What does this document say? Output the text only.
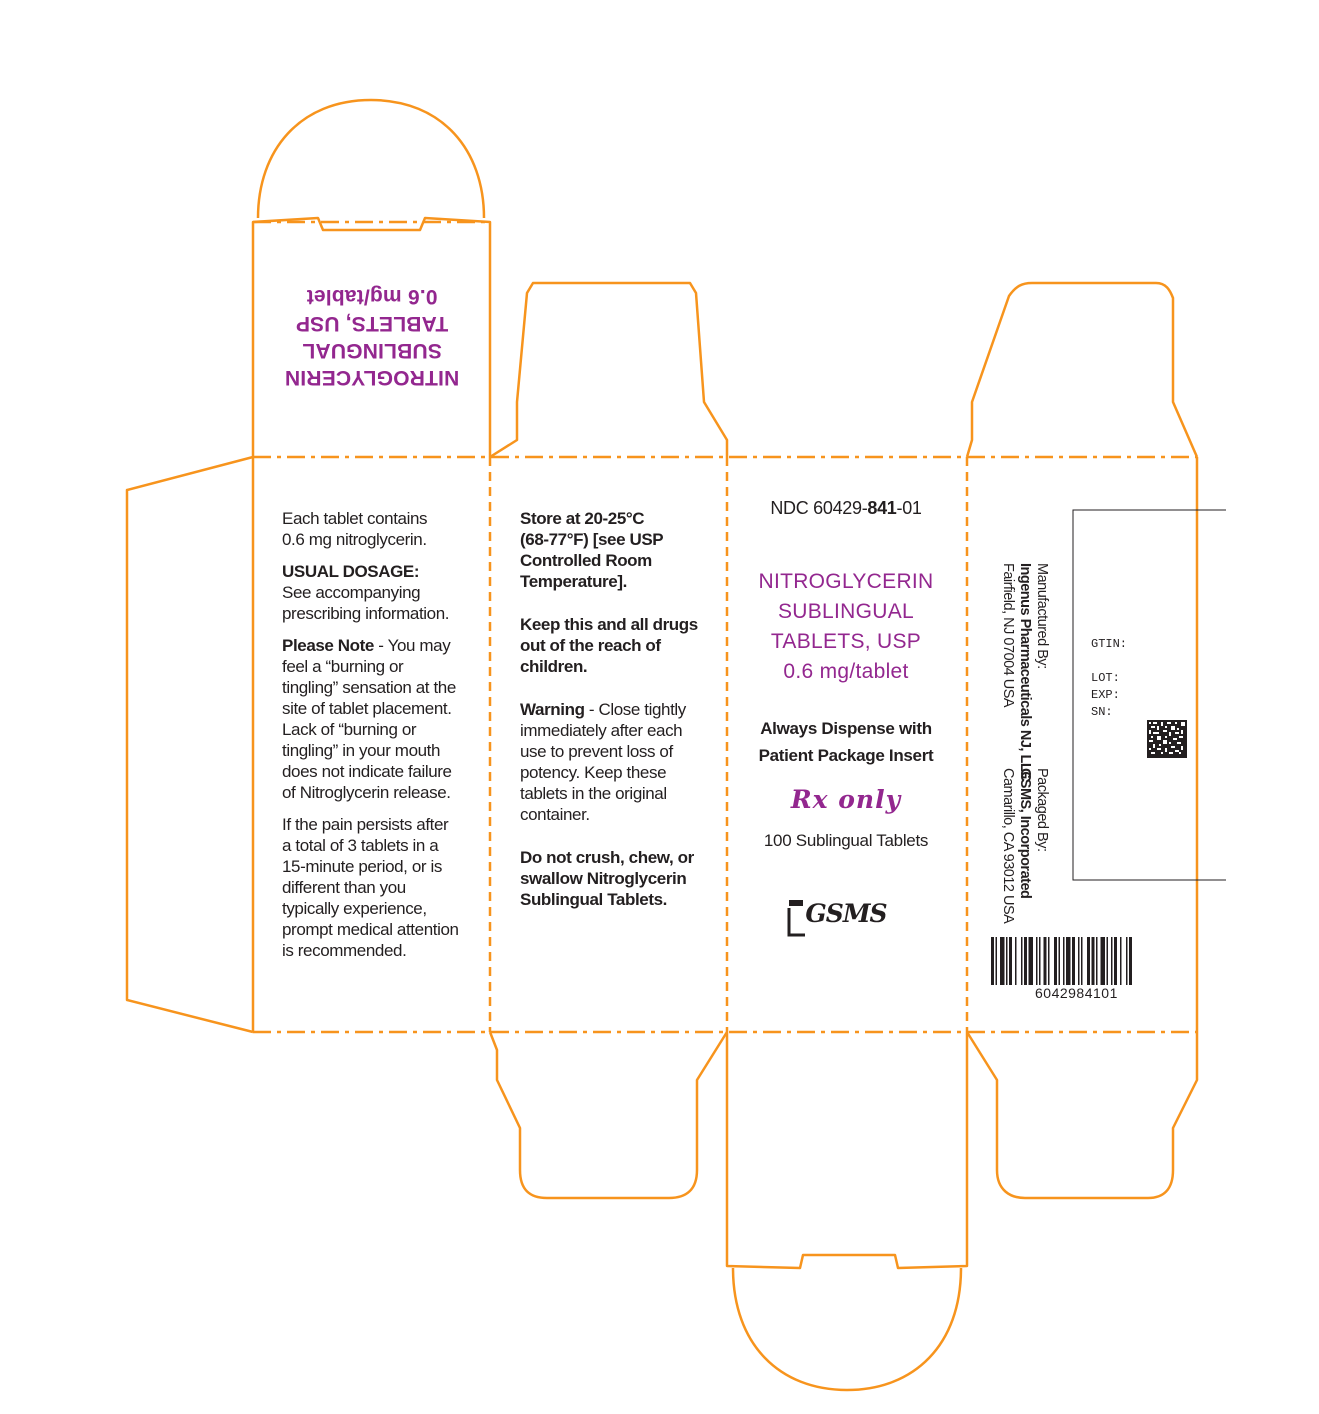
NITROGLYCERIN

SUBLINGUAL

TABLETS, USP

0.6 mg/tablet

Each tablet contains

0.6 mg nitroglycerin.

USUAL DOSAGE:

See accompanying

prescribing information.

Please Note - You may

feel a “burning or

tingling” sensation at the

site of tablet placement.

Lack of “burning or

tingling” in your mouth

does not indicate failure

of Nitroglycerin release.

If the pain persists after

a total of 3 tablets in a

15-minute period, or is

different than you

typically experience,

prompt medical attention

is recommended.

Store at 20-25°C

(68-77°F) [see USP

Controlled Room

Temperature].

Keep this and all drugs

out of the reach of

children.

Warning - Close tightly

immediately after each

use to prevent loss of

potency. Keep these

tablets in the original

container.

Do not crush, chew, or

swallow Nitroglycerin

Sublingual Tablets.

NDC 60429-841-01

NITROGLYCERIN

SUBLINGUAL

TABLETS, USP

0.6 mg/tablet

Always Dispense with

Patient Package Insert

Rx only

100 Sublingual Tablets

GSMS

Manufactured By:

Ingenus Pharmaceuticals NJ, LLC

Fairfield, NJ 07004 USA

Packaged By:

GSMS, Incorporated

Camarillo, CA 93012 USA

GTIN:
LOT:
EXP:
SN:
6042984101
